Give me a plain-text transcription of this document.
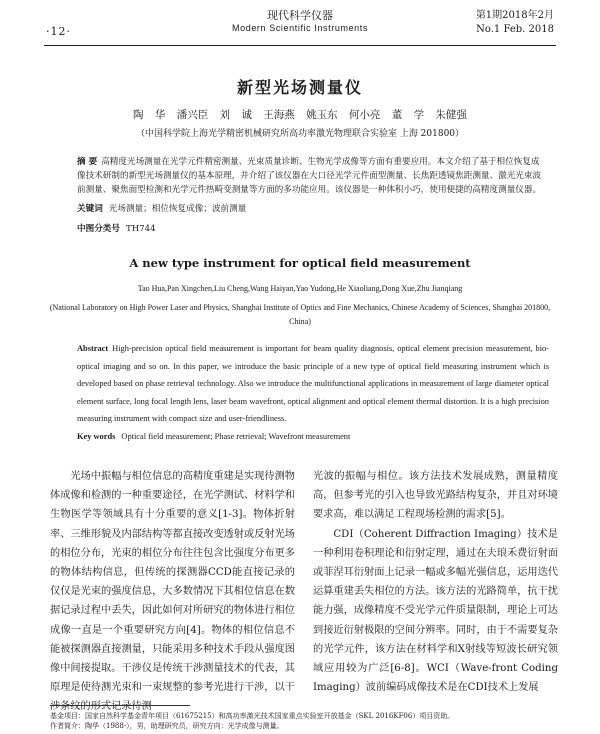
·12·
现代科学仪器
Modern Scientific Instruments
第1期2018年2月
No.1 Feb. 2018
新型光场测量仪
陶 华 潘兴臣 刘 诚 王海燕 姚玉东 何小亮 董 学 朱健强
（中国科学院上海光学精密机械研究所高功率激光物理联合实验室 上海 201800）
摘 要 高精度光场测量在光学元件精密测量、光束质量诊断、生物光学成像等方面有重要应用。本文介绍了基于相位恢复成像技术研制的新型光场测量仪的基本原理，并介绍了该仪器在大口径光学元件面型测量、长焦距透镜焦距测量、激光光束波前测量、聚焦面型检测和光学元件热畸变测量等方面的多功能应用。该仪器是一种体积小巧，使用便捷的高精度测量仪器。
关键词 光场测量；相位恢复成像；波前测量
中图分类号 TH744
A new type instrument for optical field measurement
Tao Hua,Pan Xingchen,Liu Cheng,Wang Haiyan,Yao Yudong,He Xiaoliang,Dong Xue,Zhu Jianqiang
(National Laboratory on High Power Laser and Physics, Shanghai Institute of Optics and Fine Mechanics, Chinese Academy of Sciences, Shanghai 201800, China)
Abstract High-precision optical field measurement is important for beam quality diagnosis, optical element precision measurement, bio-optical imaging and so on. In this paper, we introduce the basic principle of a new type of optical field measuring instrument which is developed based on phase retrieval technology. Also we introduce the multifunctional applications in measurement of large diameter optical element surface, long focal length lens, laser beam wavefront, optical alignment and optical element thermal distortion. It is a high precision measuring instrument with compact size and user-friendliness.
Key words Optical field measurement; Phase retrieval; Wavefront measurement

光场中振幅与相位信息的高精度重建是实现待测物体成像和检测的一种重要途径，在光学测试、材料学和生物医学等领域具有十分重要的意义[1-3]。物体折射率、三维形貌及内部结构等都直接改变透射或反射光场的相位分布，光束的相位分布往往包含比强度分布更多的物体结构信息，但传统的探测器CCD能直接记录的仅仅是光束的强度信息，大多数情况下其相位信息在数据记录过程中丢失，因此如何对所研究的物体进行相位成像一直是一个重要研究方向[4]。物体的相位信息不能被探测器直接测量，只能采用多种技术手段从强度图像中间接提取。干涉仪是传统干涉测量技术的代表，其原理是使待测光束和一束规整的参考光进行干涉，以干涉条纹的形式记录待测

光波的振幅与相位。该方法技术发展成熟，测量精度高，但参考光的引入也导致光路结构复杂，并且对环境要求高，难以满足工程现场检测的需求[5]。

CDI（Coherent Diffraction Imaging）技术是一种利用卷积理论和衍射定理，通过在夫琅禾费衍射面或菲涅耳衍射面上记录一幅或多幅光强信息，运用迭代运算重建丢失相位的方法。该方法的光路简单，抗干扰能力强，成像精度不受光学元件质量限制，理论上可达到接近衍射极限的空间分辨率。同时，由于不需要复杂的光学元件，该方法在材料学和X射线等短波长研究领域应用较为广泛[6-8]。WCI（Wave-front Coding Imaging）波前编码成像技术是在CDI技术上发展

基金项目：国家自然科学基金青年项目（61675215）和高功率激光技术国家重点实验室开放基金（SKL 2016KF06）项目资助。
作者简介：陶华（1988-），男，助理研究员，研究方向：光学成像与测量。
